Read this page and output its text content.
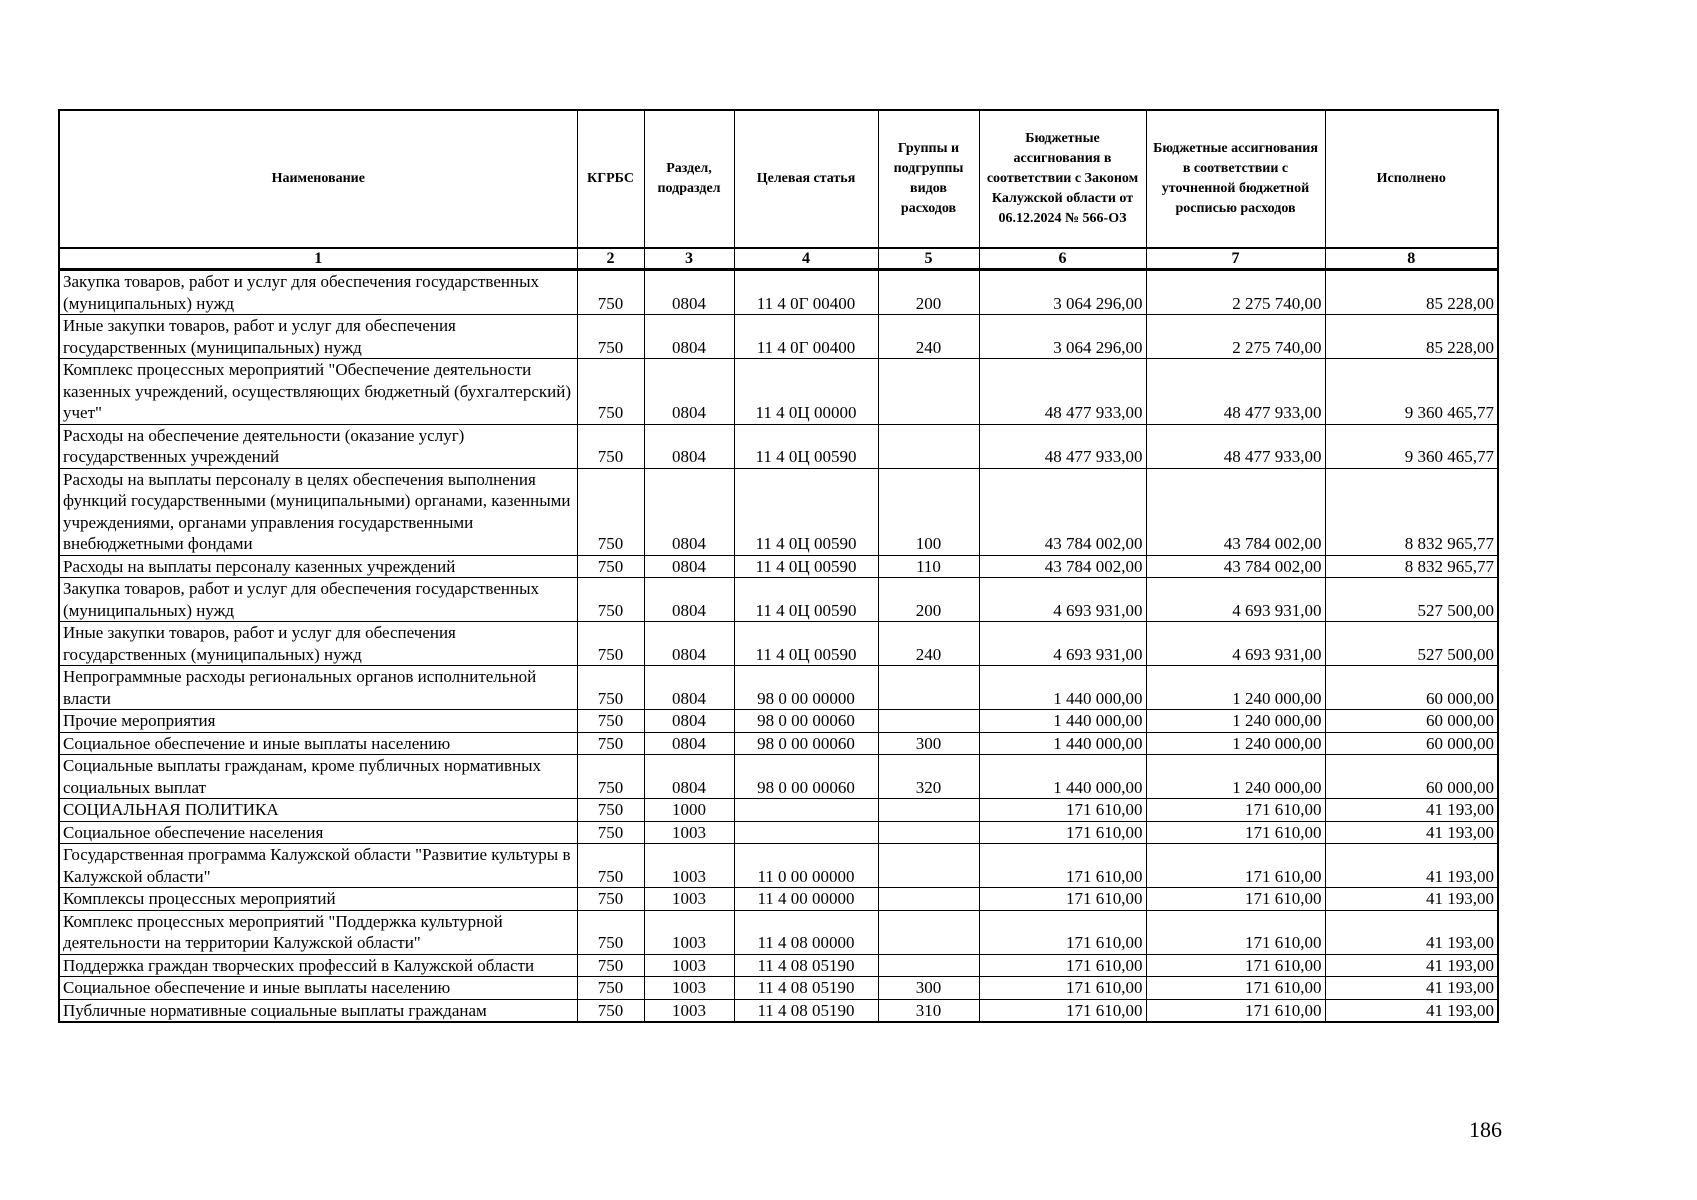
Наименование	КГРБС	Раздел, подраздел	Целевая статья	Группы и подгруппы видов расходов	Бюджетные ассигнования в соответствии с Законом Калужской области от 06.12.2024 № 566-ОЗ	Бюджетные ассигнования в соответствии с уточненной бюджетной росписью расходов	Исполнено
1	2	3	4	5	6	7	8
Закупка товаров, работ и услуг для обеспечения государственных (муниципальных) нужд	750	0804	11 4 0Г 00400	200	3 064 296,00	2 275 740,00	85 228,00
Иные закупки товаров, работ и услуг для обеспечения государственных (муниципальных) нужд	750	0804	11 4 0Г 00400	240	3 064 296,00	2 275 740,00	85 228,00
Комплекс процессных мероприятий "Обеспечение деятельности казенных учреждений, осуществляющих бюджетный (бухгалтерский) учет"	750	0804	11 4 0Ц 00000		48 477 933,00	48 477 933,00	9 360 465,77
Расходы на обеспечение деятельности (оказание услуг) государственных учреждений	750	0804	11 4 0Ц 00590		48 477 933,00	48 477 933,00	9 360 465,77
Расходы на выплаты персоналу в целях обеспечения выполнения функций государственными (муниципальными) органами, казенными учреждениями, органами управления государственными внебюджетными фондами	750	0804	11 4 0Ц 00590	100	43 784 002,00	43 784 002,00	8 832 965,77
Расходы на выплаты персоналу казенных учреждений	750	0804	11 4 0Ц 00590	110	43 784 002,00	43 784 002,00	8 832 965,77
Закупка товаров, работ и услуг для обеспечения государственных (муниципальных) нужд	750	0804	11 4 0Ц 00590	200	4 693 931,00	4 693 931,00	527 500,00
Иные закупки товаров, работ и услуг для обеспечения государственных (муниципальных) нужд	750	0804	11 4 0Ц 00590	240	4 693 931,00	4 693 931,00	527 500,00
Непрограммные расходы региональных органов исполнительной власти	750	0804	98 0 00 00000		1 440 000,00	1 240 000,00	60 000,00
Прочие мероприятия	750	0804	98 0 00 00060		1 440 000,00	1 240 000,00	60 000,00
Социальное обеспечение и иные выплаты населению	750	0804	98 0 00 00060	300	1 440 000,00	1 240 000,00	60 000,00
Социальные выплаты гражданам, кроме публичных нормативных социальных выплат	750	0804	98 0 00 00060	320	1 440 000,00	1 240 000,00	60 000,00
СОЦИАЛЬНАЯ ПОЛИТИКА	750	1000			171 610,00	171 610,00	41 193,00
Социальное обеспечение населения	750	1003			171 610,00	171 610,00	41 193,00
Государственная программа Калужской области "Развитие культуры в Калужской области"	750	1003	11 0 00 00000		171 610,00	171 610,00	41 193,00
Комплексы процессных мероприятий	750	1003	11 4 00 00000		171 610,00	171 610,00	41 193,00
Комплекс процессных мероприятий "Поддержка культурной деятельности на территории Калужской области"	750	1003	11 4 08 00000		171 610,00	171 610,00	41 193,00
Поддержка граждан творческих профессий в Калужской области	750	1003	11 4 08 05190		171 610,00	171 610,00	41 193,00
Социальное обеспечение и иные выплаты населению	750	1003	11 4 08 05190	300	171 610,00	171 610,00	41 193,00
Публичные нормативные социальные выплаты гражданам	750	1003	11 4 08 05190	310	171 610,00	171 610,00	41 193,00
186
